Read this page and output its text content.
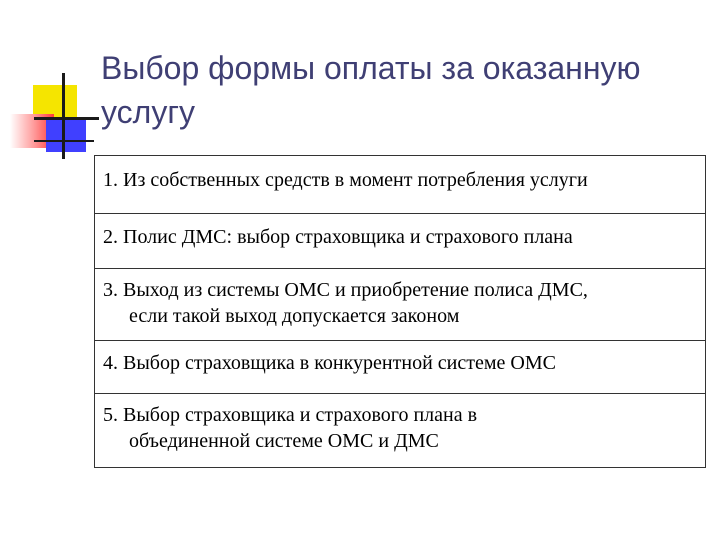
Выбор формы оплаты за оказанную услугу
1. Из собственных средств в момент потребления услуги
2. Полис ДМС: выбор страховщика и страхового плана
3. Выход из системы ОМС и приобретение полиса ДМС,
если такой выход допускается законом
4. Выбор страховщика в конкурентной системе ОМС
5. Выбор страховщика и страхового плана в
объединенной системе ОМС и ДМС
